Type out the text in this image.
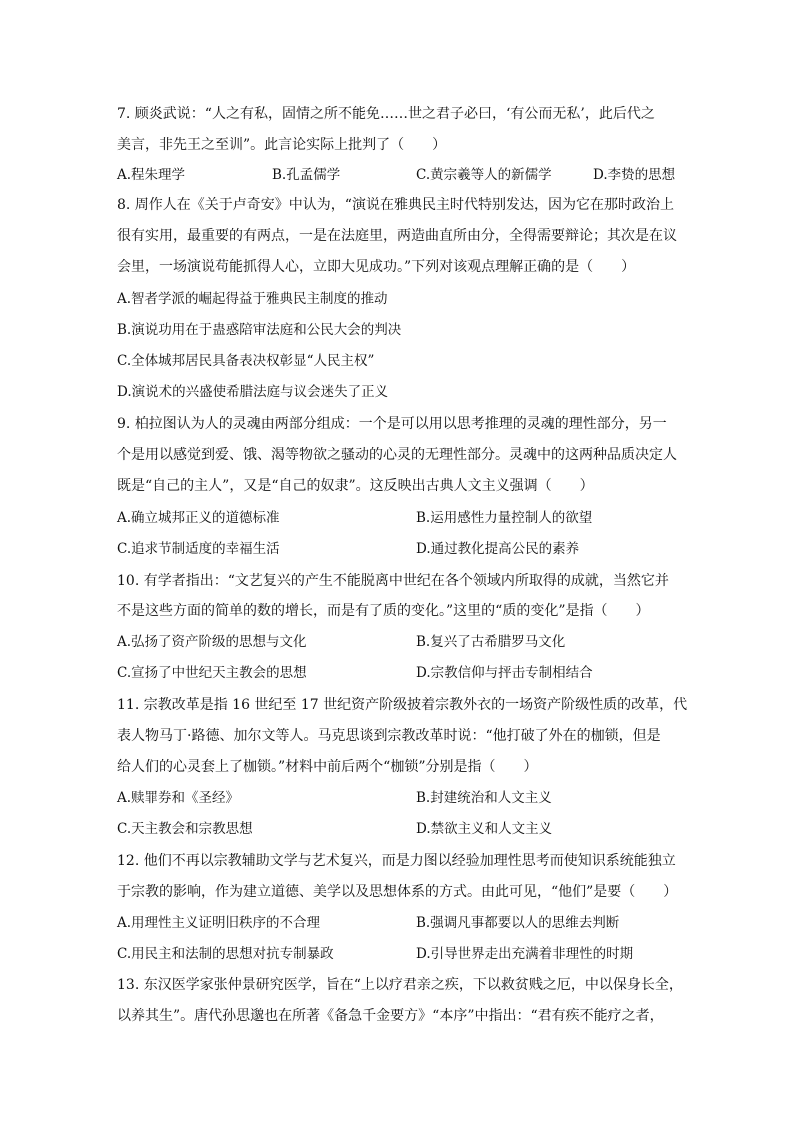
7. 顾炎武说：“人之有私，固情之所不能免……世之君子必曰，‘有公而无私’，此后代之
美言，非先王之至训”。此言论实际上批判了（　　）
A.程朱理学	B.孔孟儒学	C.黄宗羲等人的新儒学	D.李贽的思想
8. 周作人在《关于卢奇安》中认为，“演说在雅典民主时代特别发达，因为它在那时政治上
很有实用，最重要的有两点，一是在法庭里，两造曲直所由分，全得需要辩论；其次是在议
会里，一场演说苟能抓得人心，立即大见成功。”下列对该观点理解正确的是（　　）
A.智者学派的崛起得益于雅典民主制度的推动
B.演说功用在于蛊惑陪审法庭和公民大会的判决
C.全体城邦居民具备表决权彰显“人民主权”
D.演说术的兴盛使希腊法庭与议会迷失了正义
9. 柏拉图认为人的灵魂由两部分组成：一个是可以用以思考推理的灵魂的理性部分，另一
个是用以感觉到爱、饿、渴等物欲之骚动的心灵的无理性部分。灵魂中的这两种品质决定人
既是“自己的主人”，又是“自己的奴隶”。这反映出古典人文主义强调（　　）
A.确立城邦正义的道德标准	B.运用感性力量控制人的欲望
C.追求节制适度的幸福生活	D.通过教化提高公民的素养
10. 有学者指出：“文艺复兴的产生不能脱离中世纪在各个领域内所取得的成就，当然它并
不是这些方面的简单的数的增长，而是有了质的变化。”这里的“质的变化”是指（　　）
A.弘扬了资产阶级的思想与文化	B.复兴了古希腊罗马文化
C.宣扬了中世纪天主教会的思想	D.宗教信仰与抨击专制相结合
11. 宗教改革是指 16 世纪至 17 世纪资产阶级披着宗教外衣的一场资产阶级性质的改革，代
表人物马丁·路德、加尔文等人。马克思谈到宗教改革时说：“他打破了外在的枷锁，但是
给人们的心灵套上了枷锁。”材料中前后两个“枷锁”分别是指（　　）
A.赎罪券和《圣经》	B.封建统治和人文主义
C.天主教会和宗教思想	D.禁欲主义和人文主义
12. 他们不再以宗教辅助文学与艺术复兴，而是力图以经验加理性思考而使知识系统能独立
于宗教的影响，作为建立道德、美学以及思想体系的方式。由此可见，“他们”是要（　　）
A.用理性主义证明旧秩序的不合理	B.强调凡事都要以人的思维去判断
C.用民主和法制的思想对抗专制暴政	D.引导世界走出充满着非理性的时期
13. 东汉医学家张仲景研究医学，旨在“上以疗君亲之疾，下以救贫贱之厄，中以保身长全，
以养其生”。唐代孙思邈也在所著《备急千金要方》“本序”中指出：“君有疾不能疗之者，
